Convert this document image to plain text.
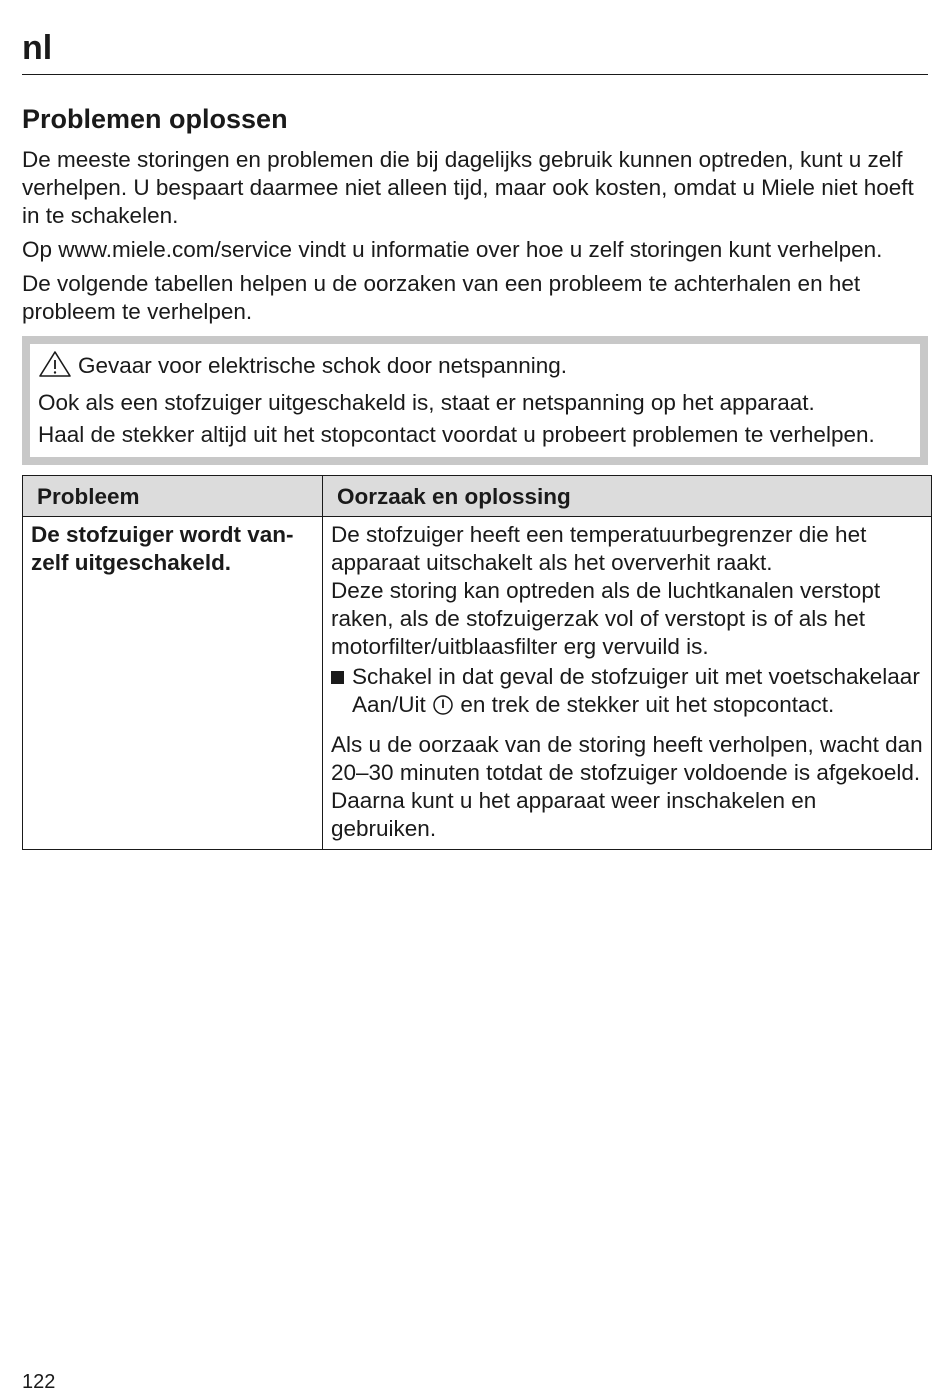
nl
Problemen oplossen

De meeste storingen en problemen die bij dagelijks gebruik kunnen optreden, kunt u zelf verhelpen. U bespaart daarmee niet alleen tijd, maar ook kosten, omdat u Miele niet hoeft in te schakelen.

Op www.miele.com/service vindt u informatie over hoe u zelf storingen kunt verhelpen.

De volgende tabellen helpen u de oorzaken van een probleem te achterhalen en het probleem te verhelpen.

Gevaar voor elektrische schok door netspanning.

Ook als een stofzuiger uitgeschakeld is, staat er netspanning op het apparaat.

Haal de stekker altijd uit het stopcontact voordat u probeert problemen te verhelpen.

Probleem	Oorzaak en oplossing
De stofzuiger wordt vanzelf uitgeschakeld.	De stofzuiger heeft een temperatuurbegrenzer die het apparaat uitschakelt als het oververhit raakt.

Deze storing kan optreden als de luchtkanalen verstopt raken, als de stofzuigerzak vol of verstopt is of als het motorfilter/uitblaasfilter erg vervuild is.

Schakel in dat geval de stofzuiger uit met voetschakelaar Aan/Uit en trek de stekker uit het stopcontact.

Als u de oorzaak van de storing heeft verholpen, wacht dan 20–30 minuten totdat de stofzuiger voldoende is afgekoeld. Daarna kunt u het apparaat weer inschakelen en gebruiken.

122
